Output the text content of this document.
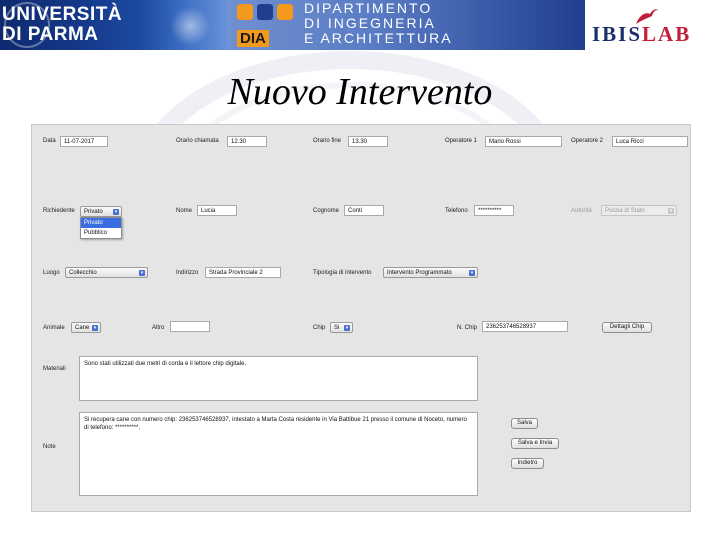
UNIVERSITÀ
DI PARMA	DIA
DIPARTIMENTO
DI INGEGNERIA
E ARCHITETTURA	IBISLAB
Nuovo Intervento
Data	11-07-2017	Orario chiamata	12.30	Orario fine	13.30	Operatore 1	Mario Rossi	Operatore 2	Luca Ricci
Richiedente	Privato	▾
Privato
Pubblico
Nome	Lucia	Cognome	Conti	Telefono	**********	Autorità	Polizia di Stato	▾
Luogo	Collecchio	▾	Indirizzo	Strada Provinciale 2	Tipologia di intervento	Intervento Programmato	▾
Animale	Cane ▾	Altro	Chip	Si	▾	N. Chip	236253746528937	Dettagli Chip
Materiali
Sono stati utilizzati due metri di corda e il lettore chip digitale.
Note
Si recupera cane con numero chip: 236253746528937, intestato a Marta Costa residente in Via Battibue 21 presso il comune di Noceto, numero di telefono: **********.
Salva
Salva e Invia
Indietro
